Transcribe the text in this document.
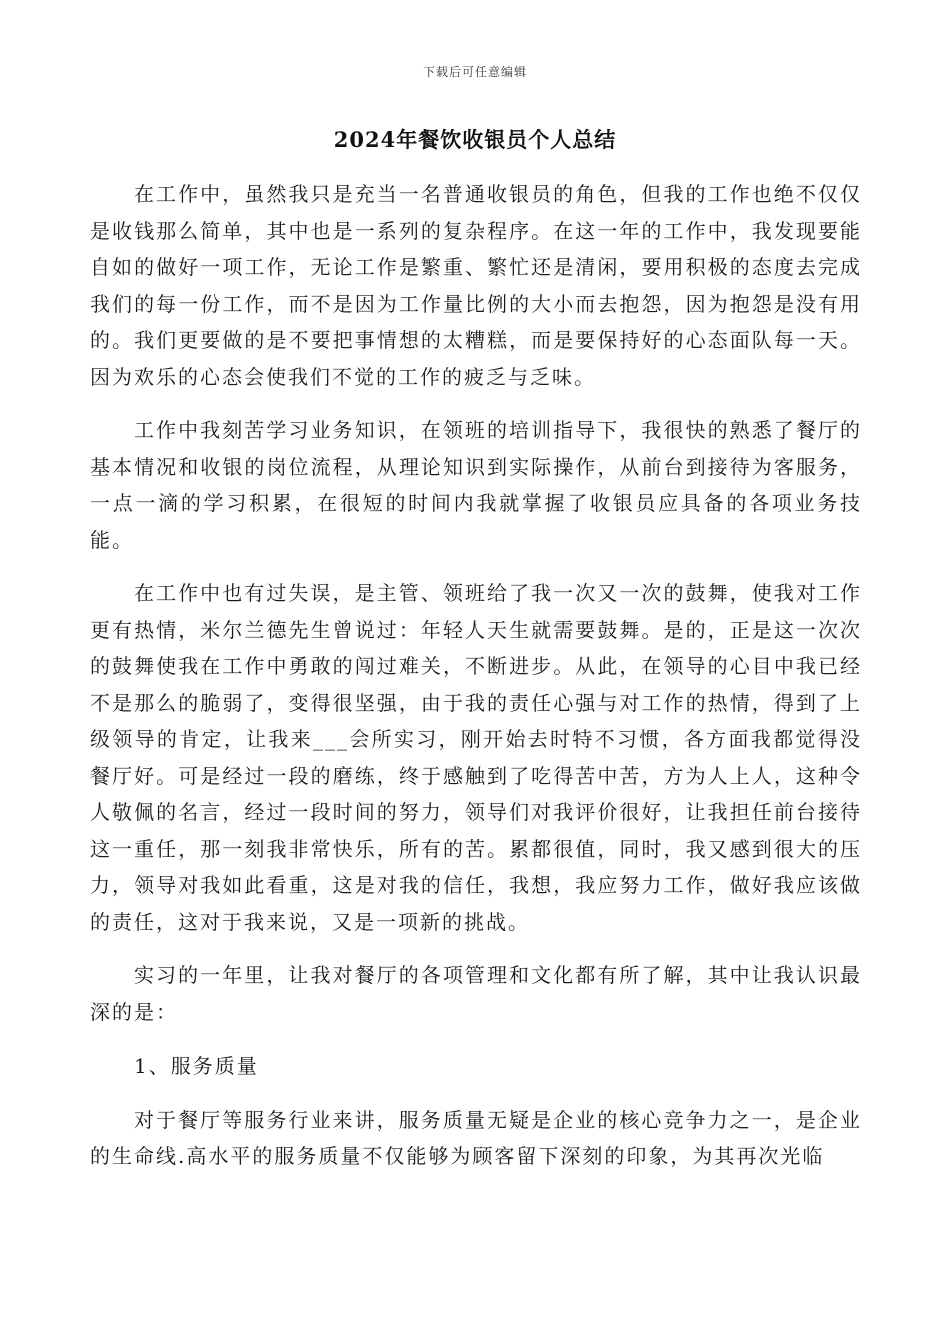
下载后可任意编辑
2024年餐饮收银员个人总结

在工作中，虽然我只是充当一名普通收银员的角色，但我的工作也绝不仅仅是收钱那么简单，其中也是一系列的复杂程序。在这一年的工作中，我发现要能自如的做好一项工作，无论工作是繁重、繁忙还是清闲，要用积极的态度去完成我们的每一份工作，而不是因为工作量比例的大小而去抱怨，因为抱怨是没有用的。我们更要做的是不要把事情想的太糟糕，而是要保持好的心态面队每一天。因为欢乐的心态会使我们不觉的工作的疲乏与乏味。

工作中我刻苦学习业务知识，在领班的培训指导下，我很快的熟悉了餐厅的基本情况和收银的岗位流程，从理论知识到实际操作，从前台到接待为客服务，一点一滴的学习积累，在很短的时间内我就掌握了收银员应具备的各项业务技能。

在工作中也有过失误，是主管、领班给了我一次又一次的鼓舞，使我对工作更有热情，米尔兰德先生曾说过：年轻人天生就需要鼓舞。是的，正是这一次次的鼓舞使我在工作中勇敢的闯过难关，不断进步。从此，在领导的心目中我已经不是那么的脆弱了，变得很坚强，由于我的责任心强与对工作的热情，得到了上级领导的肯定，让我来___会所实习，刚开始去时特不习惯，各方面我都觉得没餐厅好。可是经过一段的磨练，终于感触到了吃得苦中苦，方为人上人，这种令人敬佩的名言，经过一段时间的努力，领导们对我评价很好，让我担任前台接待这一重任，那一刻我非常快乐，所有的苦。累都很值，同时，我又感到很大的压力，领导对我如此看重，这是对我的信任，我想，我应努力工作，做好我应该做的责任，这对于我来说，又是一项新的挑战。

实习的一年里，让我对餐厅的各项管理和文化都有所了解，其中让我认识最深的是：

1、服务质量

对于餐厅等服务行业来讲，服务质量无疑是企业的核心竞争力之一，是企业的生命线.高水平的服务质量不仅能够为顾客留下深刻的印象，为其再次光临
